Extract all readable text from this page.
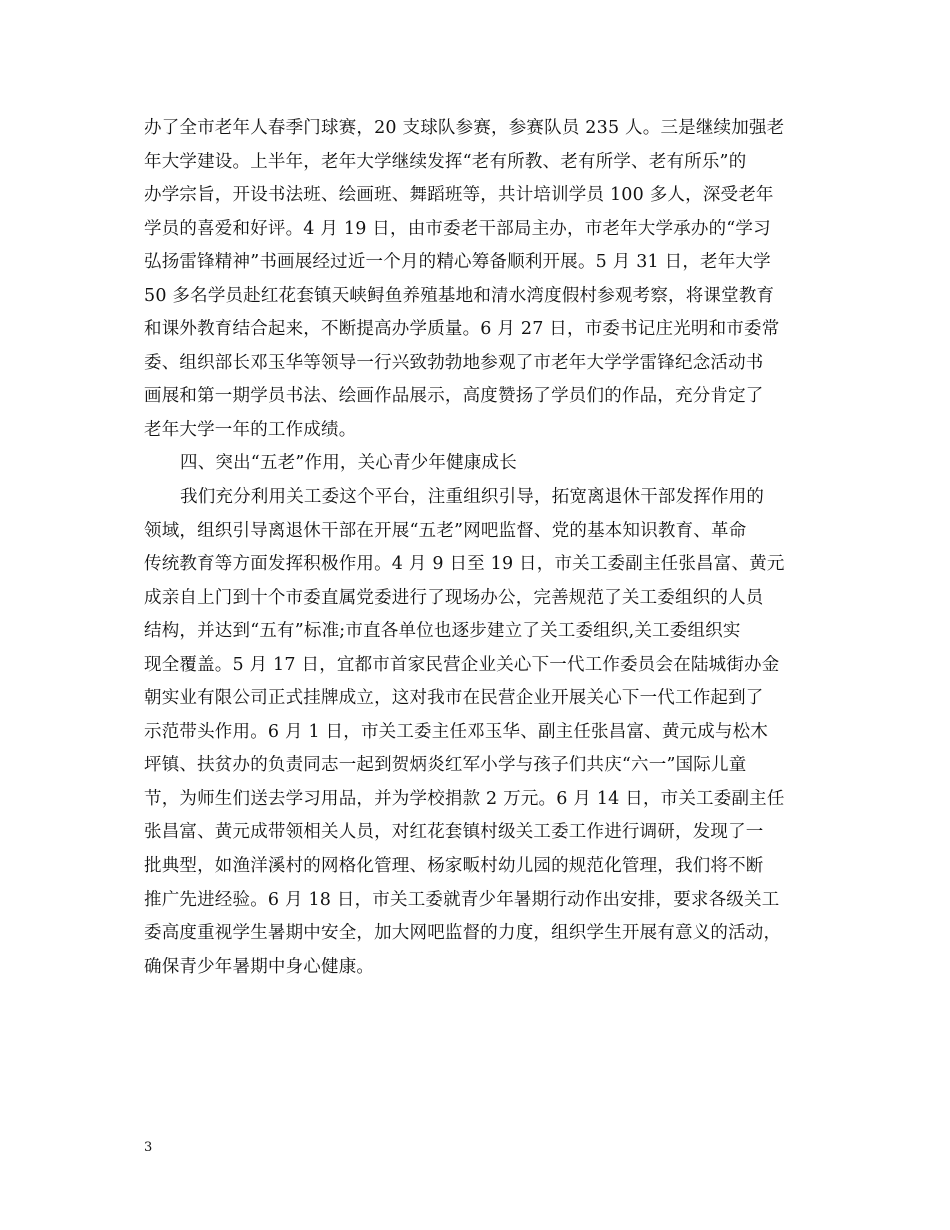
办了全市老年人春季门球赛，20 支球队参赛，参赛队员 235 人。三是继续加强老
年大学建设。上半年，老年大学继续发挥“老有所教、老有所学、老有所乐”的
办学宗旨，开设书法班、绘画班、舞蹈班等，共计培训学员 100 多人，深受老年
学员的喜爱和好评。4 月 19 日，由市委老干部局主办，市老年大学承办的“学习
弘扬雷锋精神”书画展经过近一个月的精心筹备顺利开展。5 月 31 日，老年大学
50 多名学员赴红花套镇天峡鲟鱼养殖基地和清水湾度假村参观考察，将课堂教育
和课外教育结合起来，不断提高办学质量。6 月 27 日，市委书记庄光明和市委常
委、组织部长邓玉华等领导一行兴致勃勃地参观了市老年大学学雷锋纪念活动书
画展和第一期学员书法、绘画作品展示，高度赞扬了学员们的作品，充分肯定了
老年大学一年的工作成绩。
四、突出“五老”作用，关心青少年健康成长
我们充分利用关工委这个平台，注重组织引导，拓宽离退休干部发挥作用的
领域，组织引导离退休干部在开展“五老”网吧监督、党的基本知识教育、革命
传统教育等方面发挥积极作用。4 月 9 日至 19 日，市关工委副主任张昌富、黄元
成亲自上门到十个市委直属党委进行了现场办公，完善规范了关工委组织的人员
结构，并达到“五有”标准;市直各单位也逐步建立了关工委组织,关工委组织实
现全覆盖。5 月 17 日，宜都市首家民营企业关心下一代工作委员会在陆城街办金
朝实业有限公司正式挂牌成立，这对我市在民营企业开展关心下一代工作起到了
示范带头作用。6 月 1 日，市关工委主任邓玉华、副主任张昌富、黄元成与松木
坪镇、扶贫办的负责同志一起到贺炳炎红军小学与孩子们共庆“六一”国际儿童
节，为师生们送去学习用品，并为学校捐款 2 万元。6 月 14 日，市关工委副主任
张昌富、黄元成带领相关人员，对红花套镇村级关工委工作进行调研，发现了一
批典型，如渔洋溪村的网格化管理、杨家畈村幼儿园的规范化管理，我们将不断
推广先进经验。6 月 18 日，市关工委就青少年暑期行动作出安排，要求各级关工
委高度重视学生暑期中安全，加大网吧监督的力度，组织学生开展有意义的活动，
确保青少年暑期中身心健康。
3
